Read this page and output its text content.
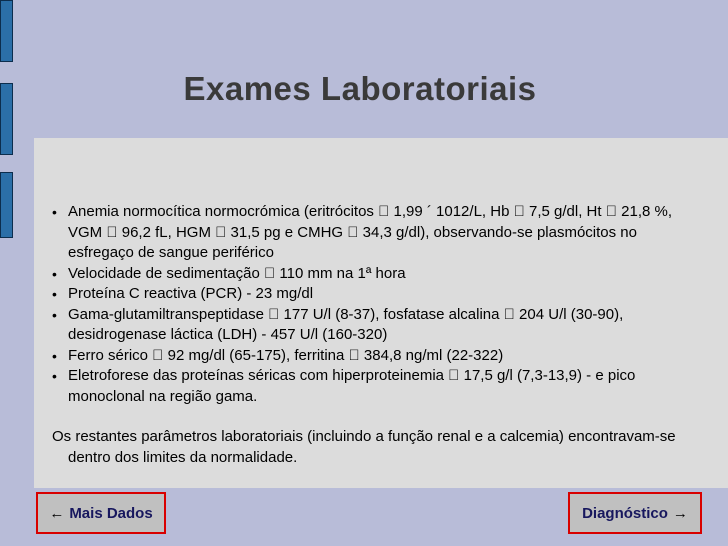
Exames Laboratoriais
• Anemia normocítica normocrómica (eritrócitos 1,99 ´ 1012/L, Hb 7,5 g/dl, Ht 21,8 %, VGM 96,2 fL, HGM 31,5 pg e CMHG 34,3 g/dl), observando-se plasmócitos no esfregaço de sangue periférico
• Velocidade de sedimentação 110 mm na 1ª hora
• Proteína C reactiva (PCR) - 23 mg/dl
• Gama-glutamiltranspeptidase 177 U/l (8-37), fosfatase alcalina 204 U/l (30-90), desidrogenase láctica (LDH) - 457 U/l (160-320)
• Ferro sérico 92 mg/dl (65-175), ferritina 384,8 ng/ml (22-322)
• Eletroforese das proteínas séricas com hiperproteinemia 17,5 g/l (7,3-13,9) - e pico monoclonal na região gama.
Os restantes parâmetros laboratoriais (incluindo a função renal e a calcemia) encontravam-se dentro dos limites da normalidade.
← Mais Dados	Diagnóstico →
